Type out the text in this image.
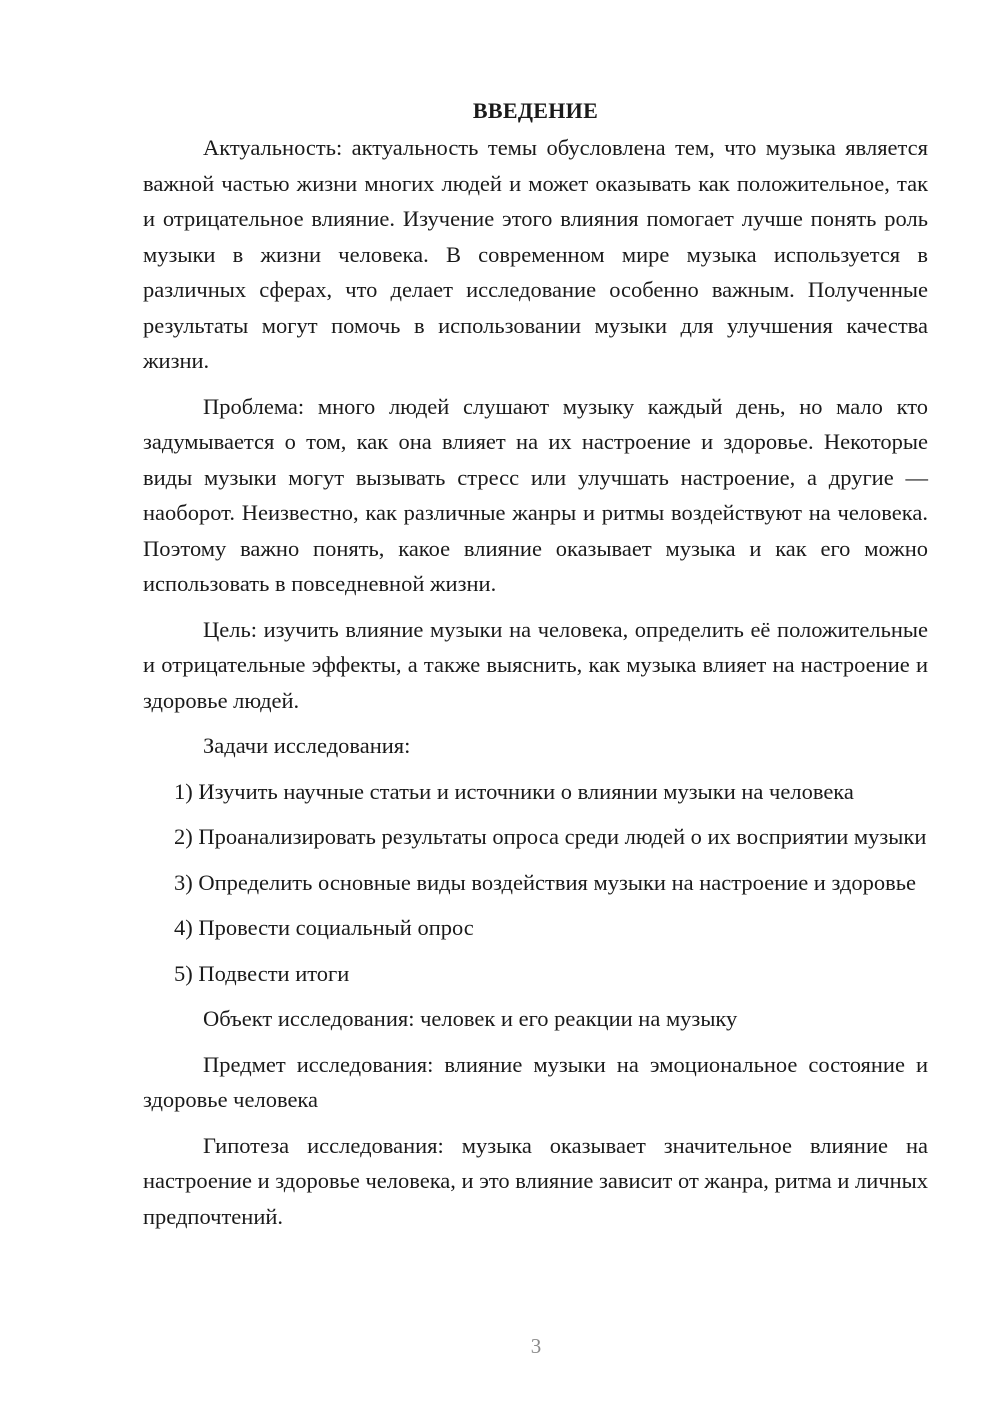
ВВЕДЕНИЕ

Актуальность: актуальность темы обусловлена тем, что музыка является важной частью жизни многих людей и может оказывать как положительное, так и отрицательное влияние. Изучение этого влияния помогает лучше понять роль музыки в жизни человека. В современном мире музыка используется в различных сферах, что делает исследование особенно важным. Полученные результаты могут помочь в использовании музыки для улучшения качества жизни.

Проблема: много людей слушают музыку каждый день, но мало кто задумывается о том, как она влияет на их настроение и здоровье. Некоторые виды музыки могут вызывать стресс или улучшать настроение, а другие — наоборот. Неизвестно, как различные жанры и ритмы воздействуют на человека. Поэтому важно понять, какое влияние оказывает музыка и как его можно использовать в повседневной жизни.

Цель: изучить влияние музыки на человека, определить её положительные и отрицательные эффекты, а также выяснить, как музыка влияет на настроение и здоровье людей.

Задачи исследования:

1) Изучить научные статьи и источники о влиянии музыки на человека

2) Проанализировать результаты опроса среди людей о их восприятии музыки

3) Определить основные виды воздействия музыки на настроение и здоровье

4) Провести социальный опрос

5) Подвести итоги

Объект исследования: человек и его реакции на музыку

Предмет исследования: влияние музыки на эмоциональное состояние и здоровье человека

Гипотеза исследования: музыка оказывает значительное влияние на настроение и здоровье человека, и это влияние зависит от жанра, ритма и личных предпочтений.

3
